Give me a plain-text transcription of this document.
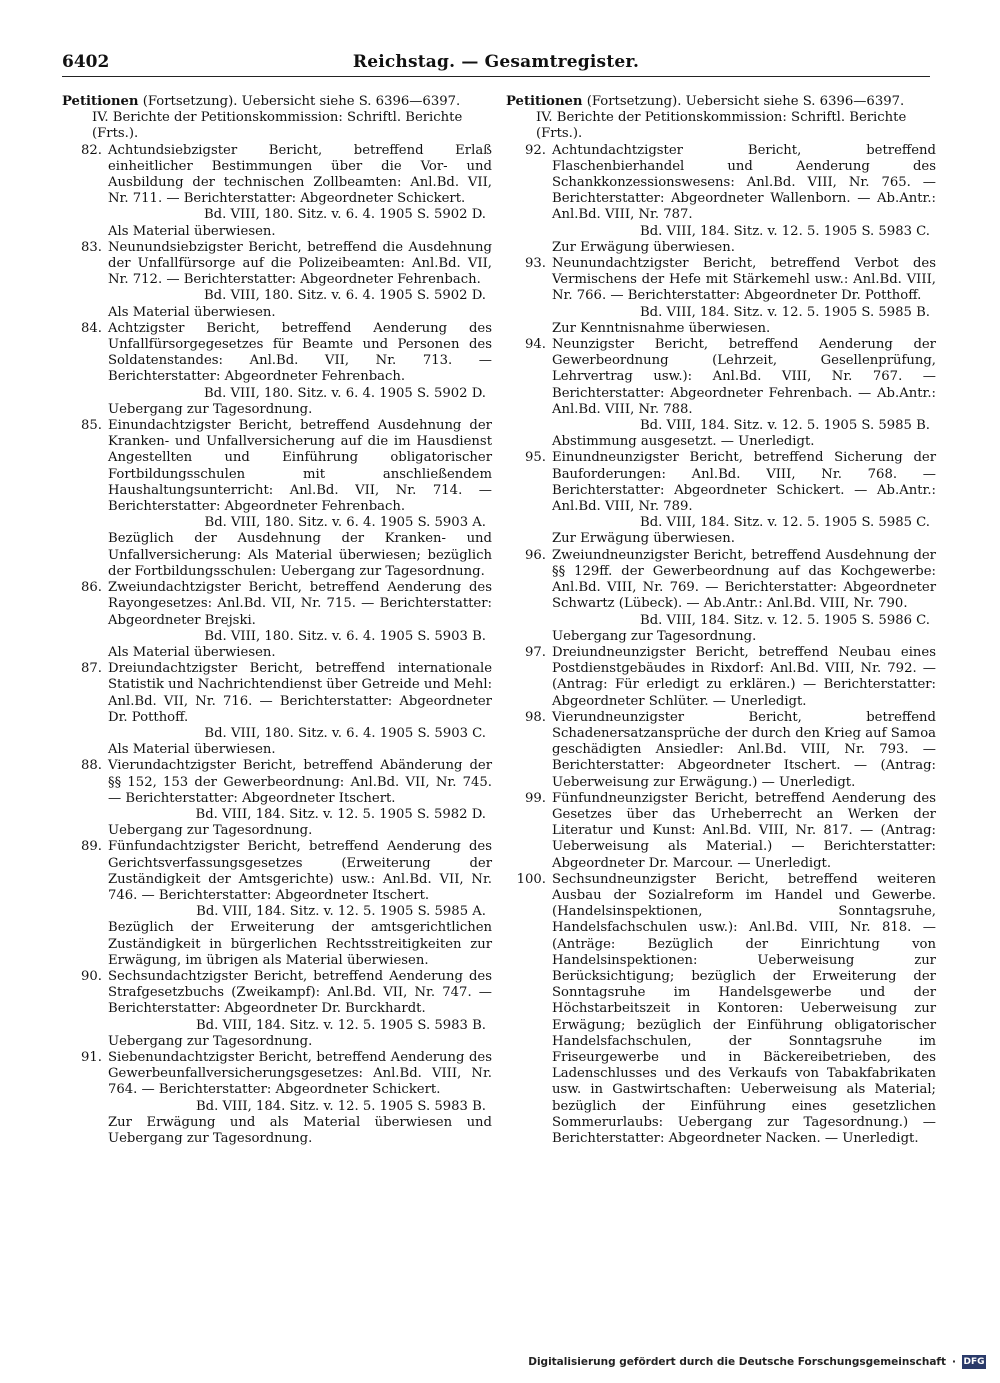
6402	Reichstag. — Gesamtregister.

Petitionen (Fortsetzung). Uebersicht siehe S. 6396—6397.

IV. Berichte der Petitionskommission: Schriftl. Berichte (Frts.).

82. Achtundsiebzigster Bericht, betreffend Erlaß einheitlicher Bestimmungen über die Vor- und Ausbildung der technischen Zollbeamten: Anl.Bd. VII, Nr. 711. — Berichterstatter: Abgeordneter Schickert.
Bd. VIII, 180. Sitz. v. 6. 4. 1905 S. 5902 D.
Als Material überwiesen.

83. Neunundsiebzigster Bericht, betreffend die Ausdehnung der Unfallfürsorge auf die Polizeibeamten: Anl.Bd. VII, Nr. 712. — Berichterstatter: Abgeordneter Fehrenbach.
Bd. VIII, 180. Sitz. v. 6. 4. 1905 S. 5902 D.
Als Material überwiesen.

84. Achtzigster Bericht, betreffend Aenderung des Unfallfürsorgegesetzes für Beamte und Personen des Soldatenstandes: Anl.Bd. VII, Nr. 713. — Berichterstatter: Abgeordneter Fehrenbach.
Bd. VIII, 180. Sitz. v. 6. 4. 1905 S. 5902 D.
Uebergang zur Tagesordnung.

85. Einundachtzigster Bericht, betreffend Ausdehnung der Kranken- und Unfallversicherung auf die im Hausdienst Angestellten und Einführung obligatorischer Fortbildungsschulen mit anschließendem Haushaltungsunterricht: Anl.Bd. VII, Nr. 714. — Berichterstatter: Abgeordneter Fehrenbach.
Bd. VIII, 180. Sitz. v. 6. 4. 1905 S. 5903 A.
Bezüglich der Ausdehnung der Kranken- und Unfallversicherung: Als Material überwiesen; bezüglich der Fortbildungsschulen: Uebergang zur Tagesordnung.

86. Zweiundachtzigster Bericht, betreffend Aenderung des Rayongesetzes: Anl.Bd. VII, Nr. 715. — Berichterstatter: Abgeordneter Brejski.
Bd. VIII, 180. Sitz. v. 6. 4. 1905 S. 5903 B.
Als Material überwiesen.

87. Dreiundachtzigster Bericht, betreffend internationale Statistik und Nachrichtendienst über Getreide und Mehl: Anl.Bd. VII, Nr. 716. — Berichterstatter: Abgeordneter Dr. Potthoff.
Bd. VIII, 180. Sitz. v. 6. 4. 1905 S. 5903 C.
Als Material überwiesen.

88. Vierundachtzigster Bericht, betreffend Abänderung der §§ 152, 153 der Gewerbeordnung: Anl.Bd. VII, Nr. 745. — Berichterstatter: Abgeordneter Itschert.
Bd. VIII, 184. Sitz. v. 12. 5. 1905 S. 5982 D.
Uebergang zur Tagesordnung.

89. Fünfundachtzigster Bericht, betreffend Aenderung des Gerichtsverfassungsgesetzes (Erweiterung der Zuständigkeit der Amtsgerichte) usw.: Anl.Bd. VII, Nr. 746. — Berichterstatter: Abgeordneter Itschert.
Bd. VIII, 184. Sitz. v. 12. 5. 1905 S. 5985 A.
Bezüglich der Erweiterung der amtsgerichtlichen Zuständigkeit in bürgerlichen Rechtsstreitigkeiten zur Erwägung, im übrigen als Material überwiesen.

90. Sechsundachtzigster Bericht, betreffend Aenderung des Strafgesetzbuchs (Zweikampf): Anl.Bd. VII, Nr. 747. — Berichterstatter: Abgeordneter Dr. Burckhardt.
Bd. VIII, 184. Sitz. v. 12. 5. 1905 S. 5983 B.
Uebergang zur Tagesordnung.

91. Siebenundachtzigster Bericht, betreffend Aenderung des Gewerbeunfallversicherungsgesetzes: Anl.Bd. VIII, Nr. 764. — Berichterstatter: Abgeordneter Schickert.
Bd. VIII, 184. Sitz. v. 12. 5. 1905 S. 5983 B.
Zur Erwägung und als Material überwiesen und Uebergang zur Tagesordnung.

Petitionen (Fortsetzung). Uebersicht siehe S. 6396—6397.

IV. Berichte der Petitionskommission: Schriftl. Berichte (Frts.).

92. Achtundachtzigster Bericht, betreffend Flaschenbierhandel und Aenderung des Schankkonzessionswesens: Anl.Bd. VIII, Nr. 765. — Berichterstatter: Abgeordneter Wallenborn. — Ab.Antr.: Anl.Bd. VIII, Nr. 787.
Bd. VIII, 184. Sitz. v. 12. 5. 1905 S. 5983 C.
Zur Erwägung überwiesen.

93. Neunundachtzigster Bericht, betreffend Verbot des Vermischens der Hefe mit Stärkemehl usw.: Anl.Bd. VIII, Nr. 766. — Berichterstatter: Abgeordneter Dr. Potthoff.
Bd. VIII, 184. Sitz. v. 12. 5. 1905 S. 5985 B.
Zur Kenntnisnahme überwiesen.

94. Neunzigster Bericht, betreffend Aenderung der Gewerbeordnung (Lehrzeit, Gesellenprüfung, Lehrvertrag usw.): Anl.Bd. VIII, Nr. 767. — Berichterstatter: Abgeordneter Fehrenbach. — Ab.Antr.: Anl.Bd. VIII, Nr. 788.
Bd. VIII, 184. Sitz. v. 12. 5. 1905 S. 5985 B.
Abstimmung ausgesetzt. — Unerledigt.

95. Einundneunzigster Bericht, betreffend Sicherung der Bauforderungen: Anl.Bd. VIII, Nr. 768. — Berichterstatter: Abgeordneter Schickert. — Ab.Antr.: Anl.Bd. VIII, Nr. 789.
Bd. VIII, 184. Sitz. v. 12. 5. 1905 S. 5985 C.
Zur Erwägung überwiesen.

96. Zweiundneunzigster Bericht, betreffend Ausdehnung der §§ 129ff. der Gewerbeordnung auf das Kochgewerbe: Anl.Bd. VIII, Nr. 769. — Berichterstatter: Abgeordneter Schwartz (Lübeck). — Ab.Antr.: Anl.Bd. VIII, Nr. 790.
Bd. VIII, 184. Sitz. v. 12. 5. 1905 S. 5986 C.
Uebergang zur Tagesordnung.

97. Dreiundneunzigster Bericht, betreffend Neubau eines Postdienstgebäudes in Rixdorf: Anl.Bd. VIII, Nr. 792. — (Antrag: Für erledigt zu erklären.) — Berichterstatter: Abgeordneter Schlüter. — Unerledigt.

98. Vierundneunzigster Bericht, betreffend Schadenersatzansprüche der durch den Krieg auf Samoa geschädigten Ansiedler: Anl.Bd. VIII, Nr. 793. — Berichterstatter: Abgeordneter Itschert. — (Antrag: Ueberweisung zur Erwägung.) — Unerledigt.

99. Fünfundneunzigster Bericht, betreffend Aenderung des Gesetzes über das Urheberrecht an Werken der Literatur und Kunst: Anl.Bd. VIII, Nr. 817. — (Antrag: Ueberweisung als Material.) — Berichterstatter: Abgeordneter Dr. Marcour. — Unerledigt.

100. Sechsundneunzigster Bericht, betreffend weiteren Ausbau der Sozialreform im Handel und Gewerbe. (Handelsinspektionen, Sonntagsruhe, Handelsfachschulen usw.): Anl.Bd. VIII, Nr. 818. — (Anträge: Bezüglich der Einrichtung von Handelsinspektionen: Ueberweisung zur Berücksichtigung; bezüglich der Erweiterung der Sonntagsruhe im Handelsgewerbe und der Höchstarbeitszeit in Kontoren: Ueberweisung zur Erwägung; bezüglich der Einführung obligatorischer Handelsfachschulen, der Sonntagsruhe im Friseurgewerbe und in Bäckereibetrieben, des Ladenschlusses und des Verkaufs von Tabakfabrikaten usw. in Gastwirtschaften: Ueberweisung als Material; bezüglich der Einführung eines gesetzlichen Sommerurlaubs: Uebergang zur Tagesordnung.) — Berichterstatter: Abgeordneter Nacken. — Unerledigt.

Digitalisierung gefördert durch die Deutsche Forschungsgemeinschaft · DFG
